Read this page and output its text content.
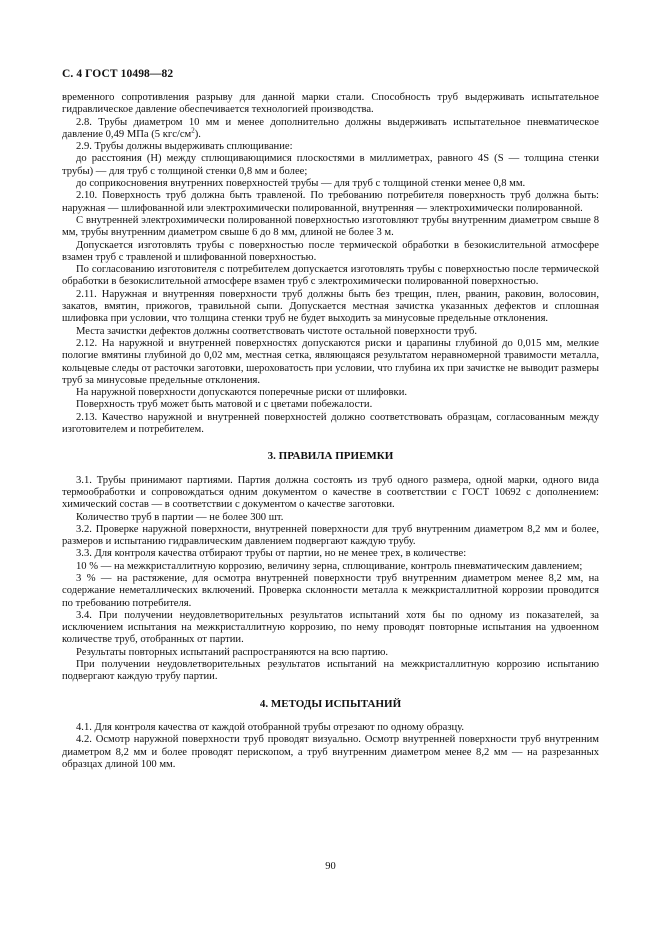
С. 4 ГОСТ 10498—82

временного сопротивления разрыву для данной марки стали. Способность труб выдерживать испытательное гидравлическое давление обеспечивается технологией производства.

2.8. Трубы диаметром 10 мм и менее дополнительно должны выдерживать испытательное пневматическое давление 0,49 МПа (5 кгс/$см^2$).

2.9. Трубы должны выдерживать сплющивание:

до расстояния (H) между сплющивающимися плоскостями в миллиметрах, равного 4S (S — толщина стенки трубы) — для труб с толщиной стенки 0,8 мм и более;

до соприкосновения внутренних поверхностей трубы — для труб с толщиной стенки менее 0,8 мм.

2.10. Поверхность труб должна быть травленой. По требованию потребителя поверхность труб должна быть: наружная — шлифованной или электрохимически полированной, внутренняя — электрохимически полированной.

С внутренней электрохимически полированной поверхностью изготовляют трубы внутренним диаметром свыше 8 мм, трубы внутренним диаметром свыше 6 до 8 мм, длиной не более 3 м.

Допускается изготовлять трубы с поверхностью после термической обработки в безокислительной атмосфере взамен труб с травленой и шлифованной поверхностью.

По согласованию изготовителя с потребителем допускается изготовлять трубы с поверхностью после термической обработки в безокислительной атмосфере взамен труб с электрохимически полированной поверхностью.

2.11. Наружная и внутренняя поверхности труб должны быть без трещин, плен, рванин, раковин, волосовин, закатов, вмятин, прижогов, травильной сыпи. Допускается местная зачистка указанных дефектов и сплошная шлифовка при условии, что толщина стенки труб не будет выходить за минусовые предельные отклонения.

Места зачистки дефектов должны соответствовать чистоте остальной поверхности труб.

2.12. На наружной и внутренней поверхностях допускаются риски и царапины глубиной до 0,015 мм, мелкие пологие вмятины глубиной до 0,02 мм, местная сетка, являющаяся результатом неравномерной травимости металла, кольцевые следы от расточки заготовки, шероховатость при условии, что глубина их при зачистке не выводит размеры труб за минусовые предельные отклонения.

На наружной поверхности допускаются поперечные риски от шлифовки.

Поверхность труб может быть матовой и с цветами побежалости.

2.13. Качество наружной и внутренней поверхностей должно соответствовать образцам, согласованным между изготовителем и потребителем.

3. ПРАВИЛА ПРИЕМКИ

3.1. Трубы принимают партиями. Партия должна состоять из труб одного размера, одной марки, одного вида термообработки и сопровождаться одним документом о качестве в соответствии с ГОСТ 10692 с дополнением: химический состав — в соответствии с документом о качестве заготовки.

Количество труб в партии — не более 300 шт.

3.2. Проверке наружной поверхности, внутренней поверхности для труб внутренним диаметром 8,2 мм и более, размеров и испытанию гидравлическим давлением подвергают каждую трубу.

3.3. Для контроля качества отбирают трубы от партии, но не менее трех, в количестве:

10 % — на межкристаллитную коррозию, величину зерна, сплющивание, контроль пневматическим давлением;

3 % — на растяжение, для осмотра внутренней поверхности труб внутренним диаметром менее 8,2 мм, на содержание неметаллических включений. Проверка склонности металла к межкристаллитной коррозии проводится по требованию потребителя.

3.4. При получении неудовлетворительных результатов испытаний хотя бы по одному из показателей, за исключением испытания на межкристаллитную коррозию, по нему проводят повторные испытания на удвоенном количестве труб, отобранных от партии.

Результаты повторных испытаний распространяются на всю партию.

При получении неудовлетворительных результатов испытаний на межкристаллитную коррозию испытанию подвергают каждую трубу партии.

4. МЕТОДЫ ИСПЫТАНИЙ

4.1. Для контроля качества от каждой отобранной трубы отрезают по одному образцу.

4.2. Осмотр наружной поверхности труб проводят визуально. Осмотр внутренней поверхности труб внутренним диаметром 8,2 мм и более проводят перископом, а труб внутренним диаметром менее 8,2 мм — на разрезанных образцах длиной 100 мм.

90
